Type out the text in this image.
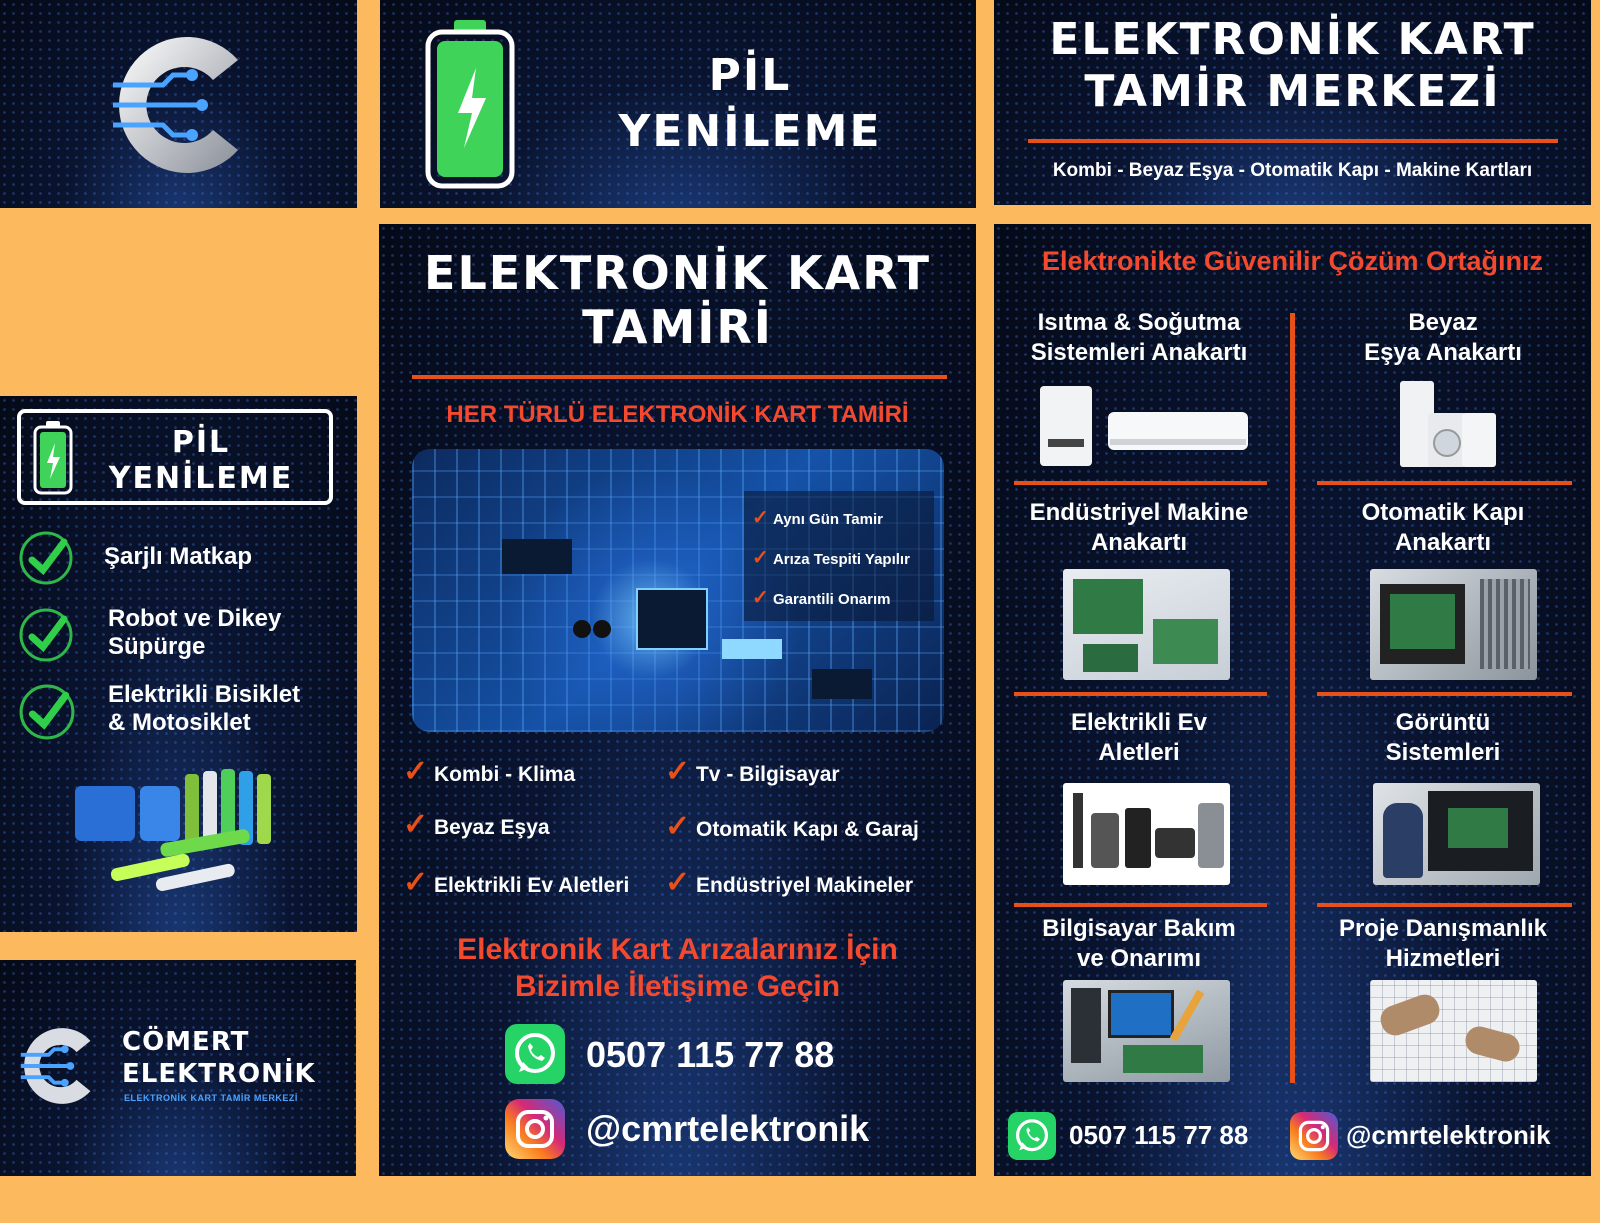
PİL
YENİLEME
ELEKTRONİK KART
TAMİR MERKEZİ
Kombi - Beyaz Eşya - Otomatik Kapı - Makine Kartları
PİL
YENİLEME
Şarjlı Matkap
Robot ve Dikey
Süpürge
Elektrikli Bisiklet
& Motosiklet
CÖMERT
ELEKTRONİK
ELEKTRONİK KART TAMİR MERKEZİ
ELEKTRONİK KART
TAMİRİ
HER TÜRLÜ ELEKTRONİK KART TAMİRİ
✓ Aynı Gün Tamir
✓ Arıza Tespiti Yapılır
✓ Garantili Onarım
✓ Kombi - Klima
✓ Beyaz Eşya
✓ Elektrikli Ev Aletleri
✓ Tv - Bilgisayar
✓ Otomatik Kapı & Garaj
✓ Endüstriyel Makineler
Elektronik Kart Arızalarınız İçin
Bizimle İletişime Geçin
0507 115 77 88
@cmrtelektronik
Elektronikte Güvenilir Çözüm Ortağınız
Isıtma & Soğutma
Sistemleri Anakartı
Beyaz
Eşya Anakartı
Endüstriyel Makine
Anakartı
Otomatik Kapı
Anakartı
Elektrikli Ev
Aletleri
Görüntü
Sistemleri
Bilgisayar Bakım
ve Onarımı
Proje Danışmanlık
Hizmetleri
0507 115 77 88	@cmrtelektronik
